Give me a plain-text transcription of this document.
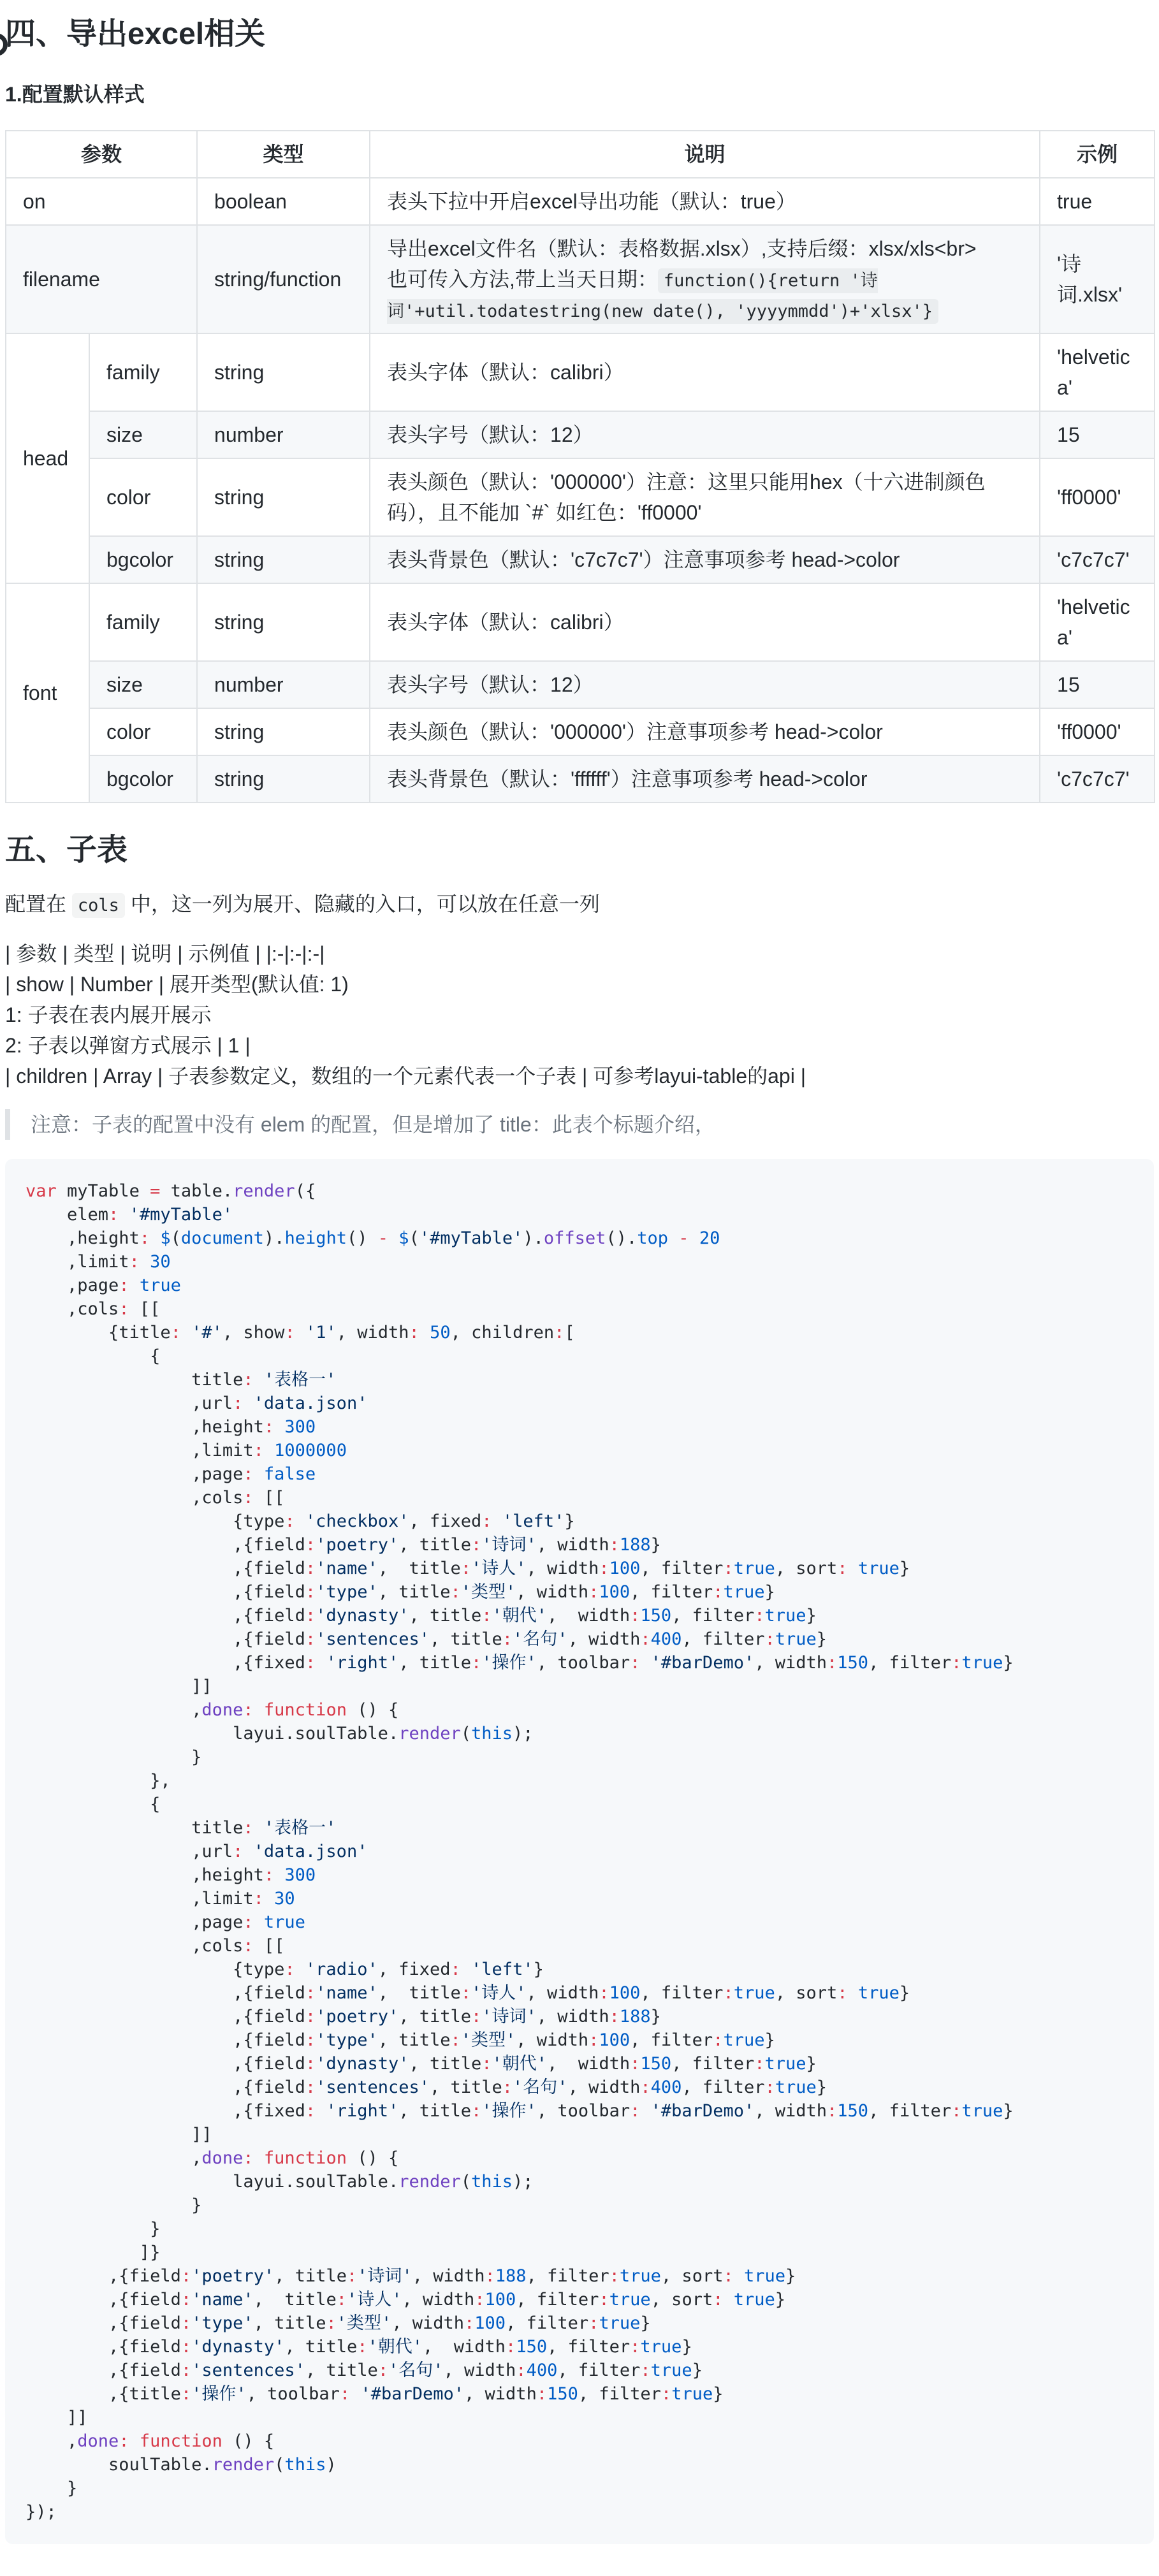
四、导出excel相关
1.配置默认样式
参数		类型	说明	示例
on		boolean	表头下拉中开启excel导出功能（默认：true）	true
filename		string/function	导出excel文件名（默认：表格数据.xlsx）,支持后缀：xlsx/xls<br>
也可传入方法,带上当天日期： function(){return '诗词'+util.todatestring(new date(), 'yyyymmdd')+'xlsx'}	'诗词.xlsx'
head	family	string	表头字体（默认：calibri）	'helvetica'
	size	number	表头字号（默认：12）	15
	color	string	表头颜色（默认：'000000'）注意：这里只能用hex（十六进制颜色码），且不能加 `#` 如红色：'ff0000'	'ff0000'
	bgcolor	string	表头背景色（默认：'c7c7c7'）注意事项参考 head->color	'c7c7c7'
font	family	string	表头字体（默认：calibri）	'helvetica'
	size	number	表头字号（默认：12）	15
	color	string	表头颜色（默认：'000000'）注意事项参考 head->color	'ff0000'
	bgcolor	string	表头背景色（默认：'ffffff'）注意事项参考 head->color	'c7c7c7'
五、子表

配置在 cols 中，这一列为展开、隐藏的入口，可以放在任意一列

| 参数 | 类型 | 说明 | 示例值 | |:-|:-|:-|
| show | Number | 展开类型(默认值: 1)
1: 子表在表内展开展示
2: 子表以弹窗方式展示 | 1 |
| children | Array | 子表参数定义，数组的一个元素代表一个子表 | 可参考layui-table的api |

注意：子表的配置中没有 elem 的配置，但是增加了 title：此表个标题介绍，

var myTable = table.render({
elem: '#myTable'
,height: $(document).height() - $('#myTable').offset().top - 20
,limit: 30
,page: true
,cols: [[
{title: '#', show: '1', width: 50, children:[
{
title: '表格一'
,url: 'data.json'
,height: 300
,limit: 1000000
,page: false
,cols: [[
{type: 'checkbox', fixed: 'left'}
,{field:'poetry', title:'诗词', width:188}
,{field:'name',  title:'诗人', width:100, filter:true, sort: true}
,{field:'type', title:'类型', width:100, filter:true}
,{field:'dynasty', title:'朝代',  width:150, filter:true}
,{field:'sentences', title:'名句', width:400, filter:true}
,{fixed: 'right', title:'操作', toolbar: '#barDemo', width:150, filter:true}
]]
,done: function () {
layui.soulTable.render(this);
}
},
{
title: '表格一'
,url: 'data.json'
,height: 300
,limit: 30
,page: true
,cols: [[
{type: 'radio', fixed: 'left'}
,{field:'name',  title:'诗人', width:100, filter:true, sort: true}
,{field:'poetry', title:'诗词', width:188}
,{field:'type', title:'类型', width:100, filter:true}
,{field:'dynasty', title:'朝代',  width:150, filter:true}
,{field:'sentences', title:'名句', width:400, filter:true}
,{fixed: 'right', title:'操作', toolbar: '#barDemo', width:150, filter:true}
]]
,done: function () {
layui.soulTable.render(this);
}
}
]}
,{field:'poetry', title:'诗词', width:188, filter:true, sort: true}
,{field:'name',  title:'诗人', width:100, filter:true, sort: true}
,{field:'type', title:'类型', width:100, filter:true}
,{field:'dynasty', title:'朝代',  width:150, filter:true}
,{field:'sentences', title:'名句', width:400, filter:true}
,{title:'操作', toolbar: '#barDemo', width:150, filter:true}
]]
,done: function () {
soulTable.render(this)
}
});
